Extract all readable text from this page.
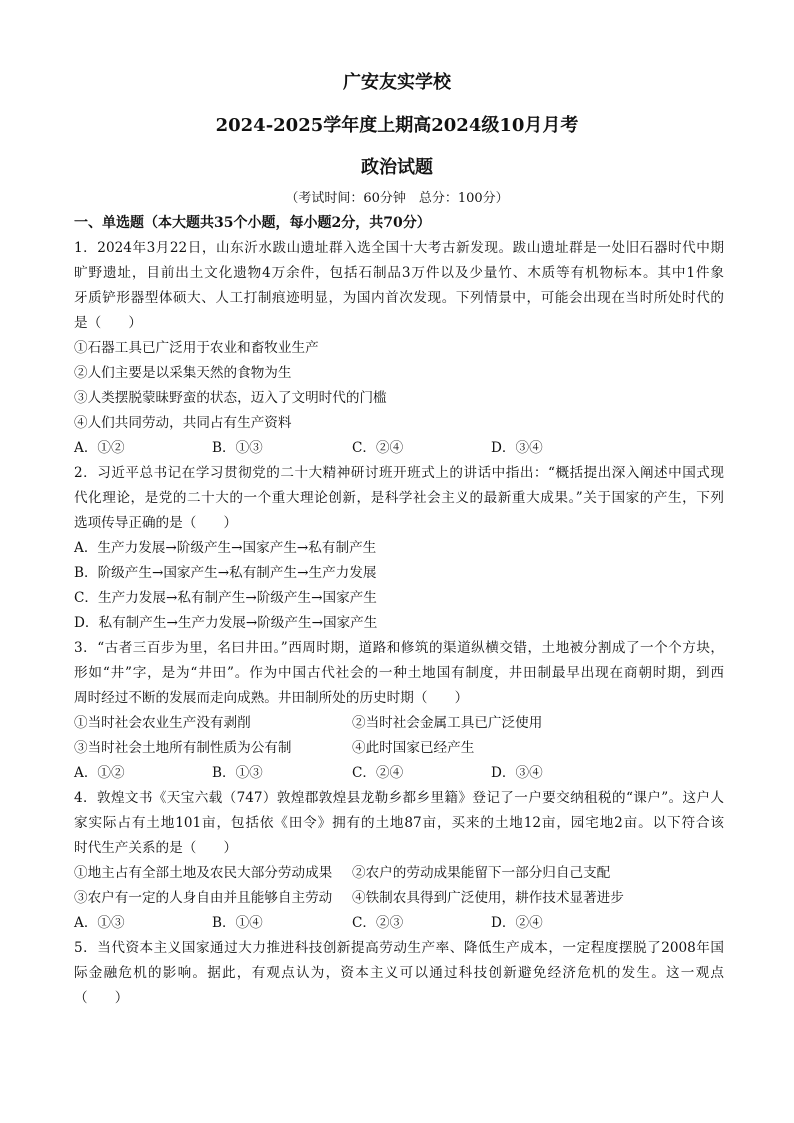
广安友实学校
2024-2025学年度上期高2024级10月月考
政治试题
（考试时间：60分钟　总分：100分）
一、单选题（本大题共35个小题，每小题2分，共70分）
1．2024年3月22日，山东沂水跋山遗址群入选全国十大考古新发现。跋山遗址群是一处旧石器时代中期
旷野遗址，目前出土文化遗物4万余件，包括石制品3万件以及少量竹、木质等有机物标本。其中1件象
牙质铲形器型体硕大、人工打制痕迹明显，为国内首次发现。下列情景中，可能会出现在当时所处时代的
是（　　）
①石器工具已广泛用于农业和畜牧业生产
②人们主要是以采集天然的食物为生
③人类摆脱蒙昧野蛮的状态，迈入了文明时代的门槛
④人们共同劳动，共同占有生产资料
A．①②	B．①③	C．②④	D．③④
2．习近平总书记在学习贯彻党的二十大精神研讨班开班式上的讲话中指出：“概括提出深入阐述中国式现
代化理论，是党的二十大的一个重大理论创新，是科学社会主义的最新重大成果。”关于国家的产生，下列
选项传导正确的是（　　）
A．生产力发展→阶级产生→国家产生→私有制产生
B．阶级产生→国家产生→私有制产生→生产力发展
C．生产力发展→私有制产生→阶级产生→国家产生
D．私有制产生→生产力发展→阶级产生→国家产生
3．“古者三百步为里，名曰井田。”西周时期，道路和修筑的渠道纵横交错，土地被分割成了一个个方块，
形如“井”字，是为“井田”。作为中国古代社会的一种土地国有制度，井田制最早出现在商朝时期，到西
周时经过不断的发展而走向成熟。井田制所处的历史时期（　　）
①当时社会农业生产没有剥削	②当时社会金属工具已广泛使用
③当时社会土地所有制性质为公有制	④此时国家已经产生
A．①②	B．①③	C．②④	D．③④
4．敦煌文书《天宝六载（747）敦煌郡敦煌县龙勒乡都乡里籍》登记了一户要交纳租税的“课户”。这户人
家实际占有土地101亩，包括依《田令》拥有的土地87亩，买来的土地12亩，园宅地2亩。以下符合该
时代生产关系的是（　　）
①地主占有全部土地及农民大部分劳动成果 ②农户的劳动成果能留下一部分归自己支配
③农户有一定的人身自由并且能够自主劳动 ④铁制农具得到广泛使用，耕作技术显著进步
A．①③	B．①④	C．②③	D．②④
5．当代资本主义国家通过大力推进科技创新提高劳动生产率、降低生产成本，一定程度摆脱了2008年国
际金融危机的影响。据此，有观点认为，资本主义可以通过科技创新避免经济危机的发生。这一观点
（　　）
